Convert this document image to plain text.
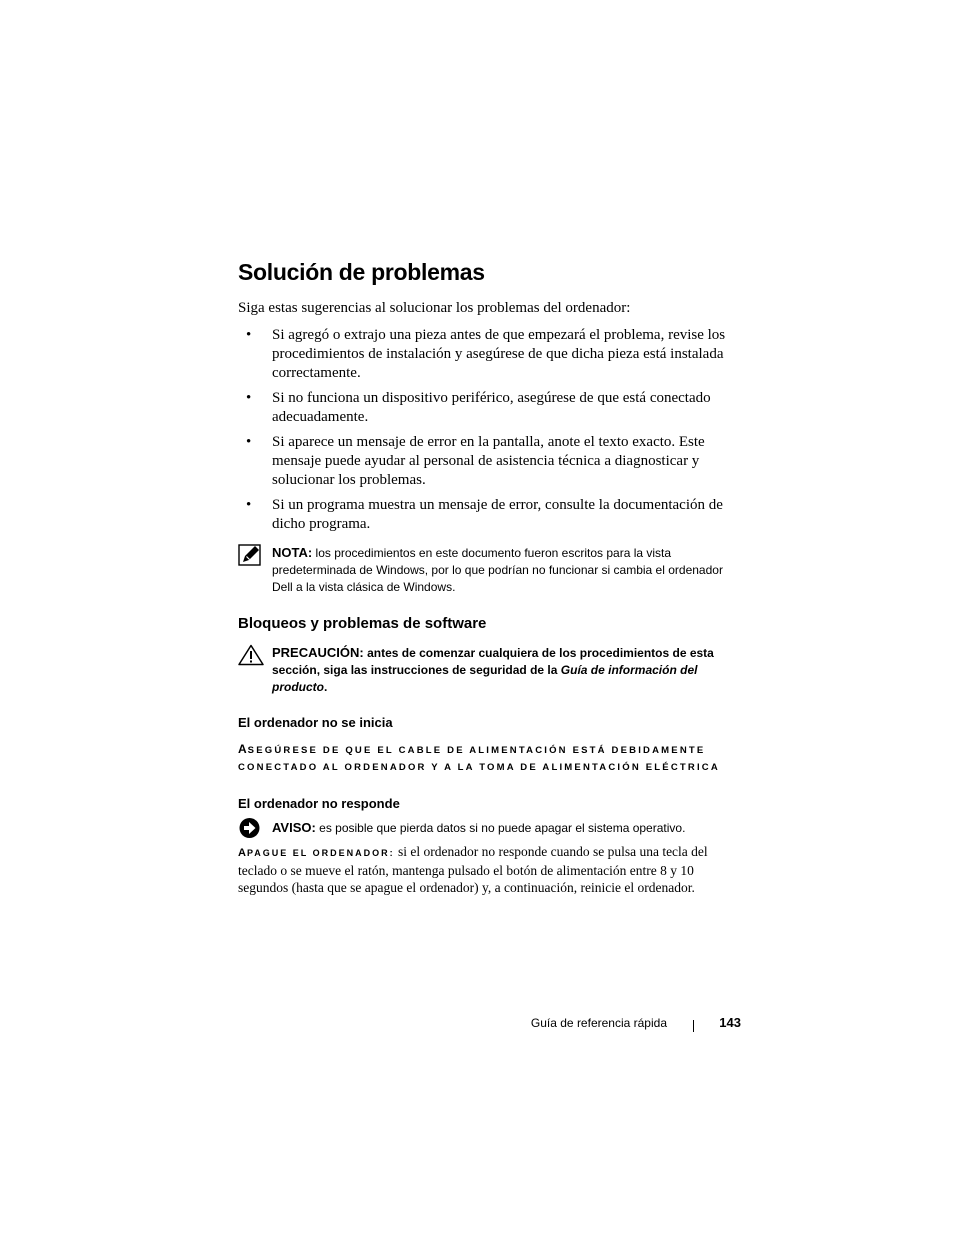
Solución de problemas

Siga estas sugerencias al solucionar los problemas del ordenador:

• Si agregó o extrajo una pieza antes de que empezará el problema, revise los procedimientos de instalación y asegúrese de que dicha pieza está instalada correctamente.
• Si no funciona un dispositivo periférico, asegúrese de que está conectado adecuadamente.
• Si aparece un mensaje de error en la pantalla, anote el texto exacto. Este mensaje puede ayudar al personal de asistencia técnica a diagnosticar y solucionar los problemas.
• Si un programa muestra un mensaje de error, consulte la documentación de dicho programa.
NOTA: los procedimientos en este documento fueron escritos para la vista predeterminada de Windows, por lo que podrían no funcionar si cambia el ordenador Dell a la vista clásica de Windows.
Bloqueos y problemas de software
PRECAUCIÓN: antes de comenzar cualquiera de los procedimientos de esta sección, siga las instrucciones de seguridad de la Guía de información del producto.
El ordenador no se inicia

ASEGÚRESE DE QUE EL CABLE DE ALIMENTACIÓN ESTÁ DEBIDAMENTE CONECTADO AL ORDENADOR Y A LA TOMA DE ALIMENTACIÓN ELÉCTRICA

El ordenador no responde
AVISO: es posible que pierda datos si no puede apagar el sistema operativo.

APAGUE EL ORDENADOR: si el ordenador no responde cuando se pulsa una tecla del teclado o se mueve el ratón, mantenga pulsado el botón de alimentación entre 8 y 10 segundos (hasta que se apague el ordenador) y, a continuación, reinicie el ordenador.

Guía de referencia rápida	143
